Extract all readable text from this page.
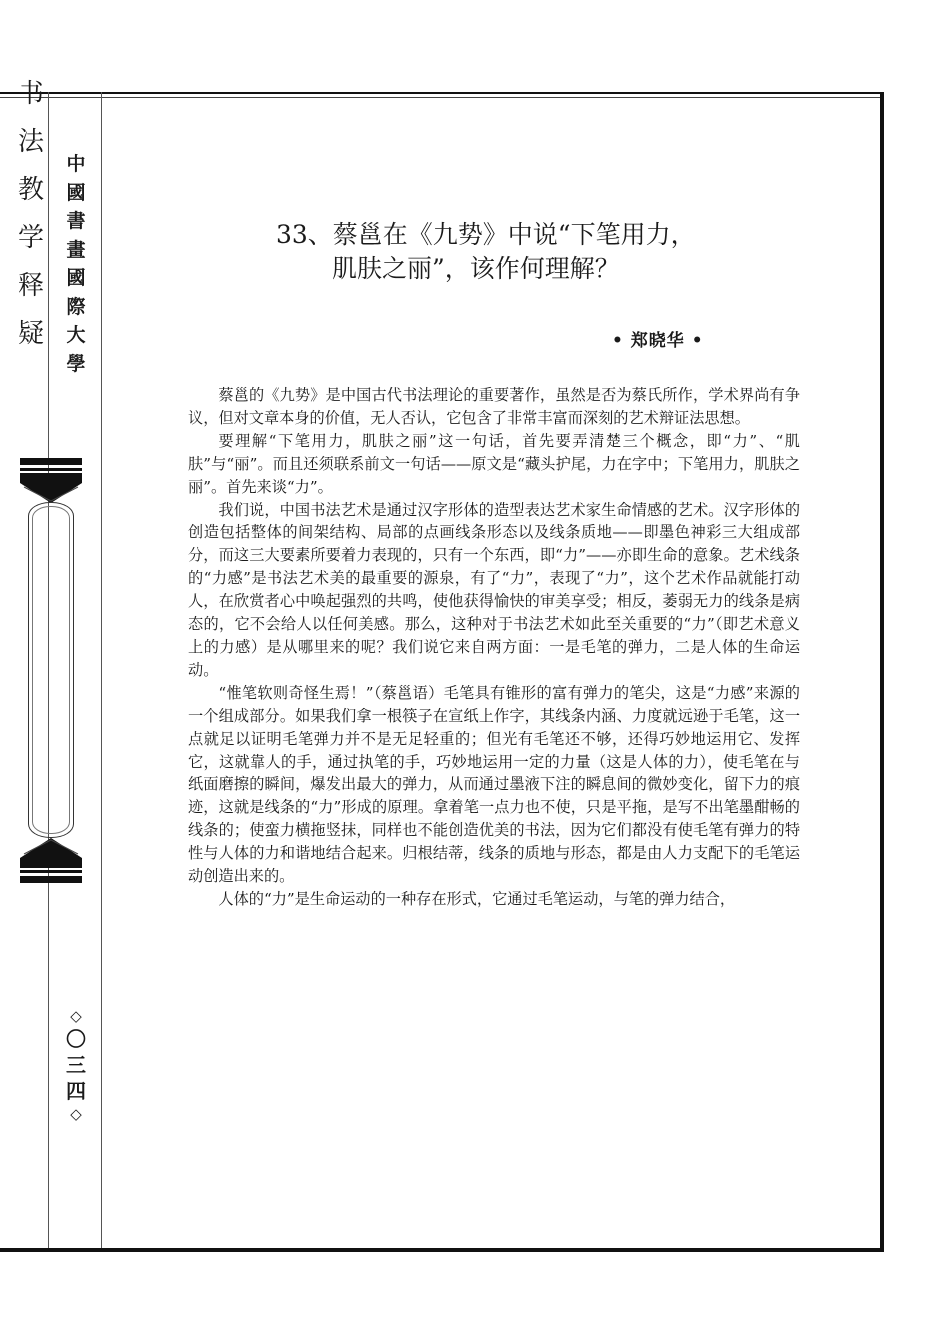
中
國
書
畫
國
際
大
學
书
法
教
学
释
疑
◇
〇
三
四
◇
33、蔡邕在《九势》中说“下笔用力，
肌肤之丽”，该作何理解？
• 郑晓华 •

蔡邕的《九势》是中国古代书法理论的重要著作，虽然是否为蔡氏所作，学术界尚有争议，但对文章本身的价值，无人否认，它包含了非常丰富而深刻的艺术辩证法思想。

要理解“下笔用力，肌肤之丽”这一句话，首先要弄清楚三个概念，即“力”、“肌肤”与“丽”。而且还须联系前文一句话——原文是“藏头护尾，力在字中；下笔用力，肌肤之丽”。首先来谈“力”。

我们说，中国书法艺术是通过汉字形体的造型表达艺术家生命情感的艺术。汉字形体的创造包括整体的间架结构、局部的点画线条形态以及线条质地——即墨色神彩三大组成部分，而这三大要素所要着力表现的，只有一个东西，即“力”——亦即生命的意象。艺术线条的“力感”是书法艺术美的最重要的源泉，有了“力”，表现了“力”，这个艺术作品就能打动人，在欣赏者心中唤起强烈的共鸣，使他获得愉快的审美享受；相反，萎弱无力的线条是病态的，它不会给人以任何美感。那么，这种对于书法艺术如此至关重要的“力”（即艺术意义上的力感）是从哪里来的呢？我们说它来自两方面：一是毛笔的弹力，二是人体的生命运动。

“惟笔软则奇怪生焉！”（蔡邕语）毛笔具有锥形的富有弹力的笔尖，这是“力感”来源的一个组成部分。如果我们拿一根筷子在宣纸上作字，其线条内涵、力度就远逊于毛笔，这一点就足以证明毛笔弹力并不是无足轻重的；但光有毛笔还不够，还得巧妙地运用它、发挥它，这就靠人的手，通过执笔的手，巧妙地运用一定的力量（这是人体的力），使毛笔在与纸面磨擦的瞬间，爆发出最大的弹力，从而通过墨液下注的瞬息间的微妙变化，留下力的痕迹，这就是线条的“力”形成的原理。拿着笔一点力也不使，只是平拖，是写不出笔墨酣畅的线条的；使蛮力横拖竖抹，同样也不能创造优美的书法，因为它们都没有使毛笔有弹力的特性与人体的力和谐地结合起来。归根结蒂，线条的质地与形态，都是由人力支配下的毛笔运动创造出来的。

人体的“力”是生命运动的一种存在形式，它通过毛笔运动，与笔的弹力结合，
